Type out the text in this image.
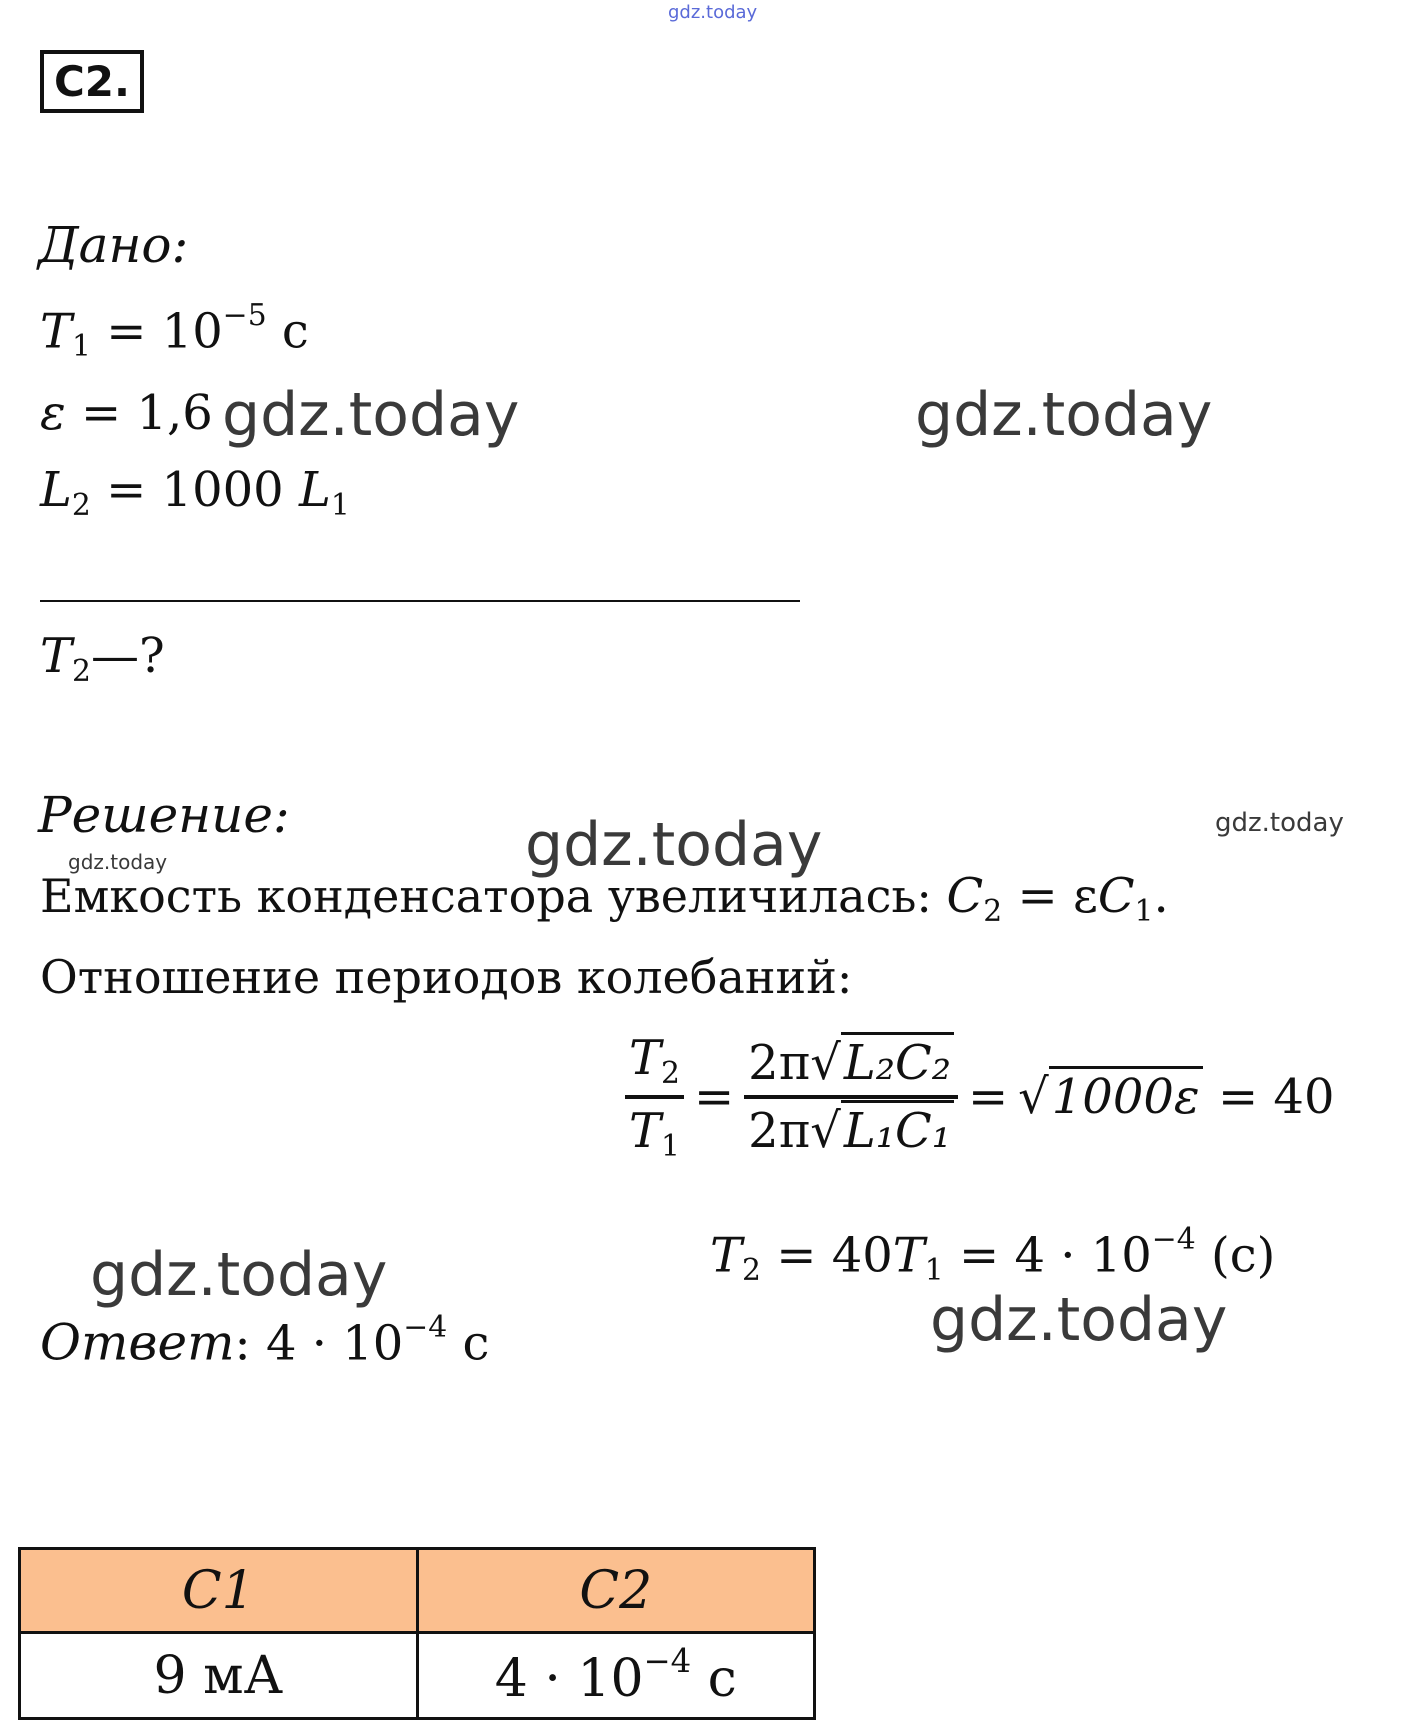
gdz.today
gdz.today	gdz.today
gdz.today	gdz.today
gdz.today
gdz.today
gdz.today
C2.
Дано:
$T_1 = 10^{-5}$ с
ε = 1,6
$L_2 = 1000$ $L_1$
$T_2—$?
Решение:
Емкость конденсатора увеличилась: $C_2 = \varepsilon C_1$.
Отношение периодов колебаний:
$\frac{T_2}{T_1} = \frac{\text{2π√L₂C₂}}{\text{2π√L₁C₁}} = √1000\varepsilon = 40$
$T_2 = 40T_1 = 4 \cdot 10^{-4}$ (с)
Ответ: $4 \cdot 10^{-4}$ с
C1	C2
9 мА	$4 \cdot 10^{-4}$ с
